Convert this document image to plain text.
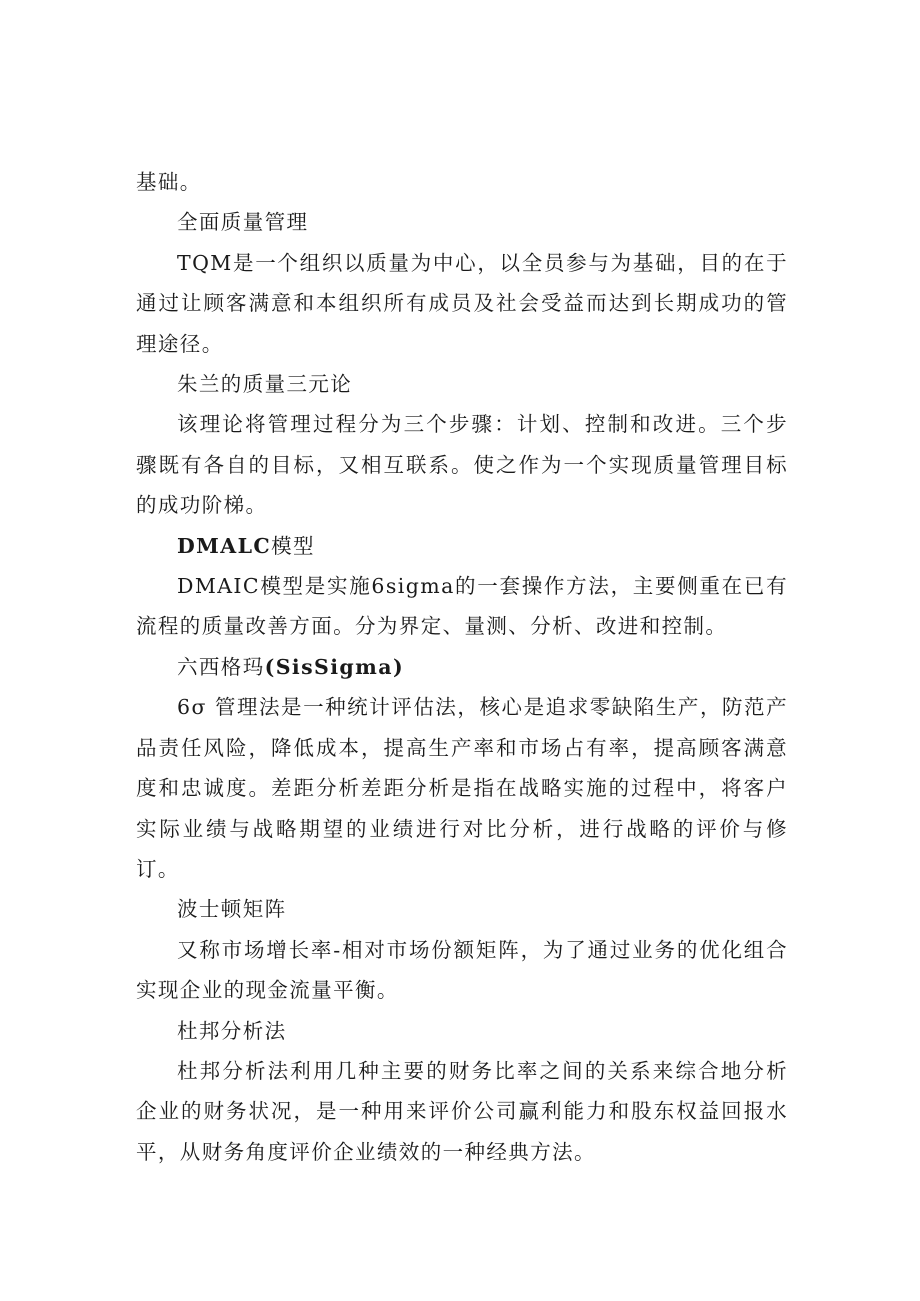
基础。

全面质量管理

TQM是一个组织以质量为中心，以全员参与为基础，目的在于通过让顾客满意和本组织所有成员及社会受益而达到长期成功的管理途径。

朱兰的质量三元论

该理论将管理过程分为三个步骤：计划、控制和改进。三个步骤既有各自的目标，又相互联系。使之作为一个实现质量管理目标的成功阶梯。

DMALC模型

DMAIC模型是实施6sigma的一套操作方法，主要侧重在已有流程的质量改善方面。分为界定、量测、分析、改进和控制。

六西格玛(SisSigma)

6σ 管理法是一种统计评估法，核心是追求零缺陷生产，防范产品责任风险，降低成本，提高生产率和市场占有率，提高顾客满意度和忠诚度。差距分析差距分析是指在战略实施的过程中，将客户实际业绩与战略期望的业绩进行对比分析，进行战略的评价与修订。

波士顿矩阵

又称市场增长率-相对市场份额矩阵，为了通过业务的优化组合实现企业的现金流量平衡。

杜邦分析法

杜邦分析法利用几种主要的财务比率之间的关系来综合地分析企业的财务状况，是一种用来评价公司赢利能力和股东权益回报水平，从财务角度评价企业绩效的一种经典方法。
